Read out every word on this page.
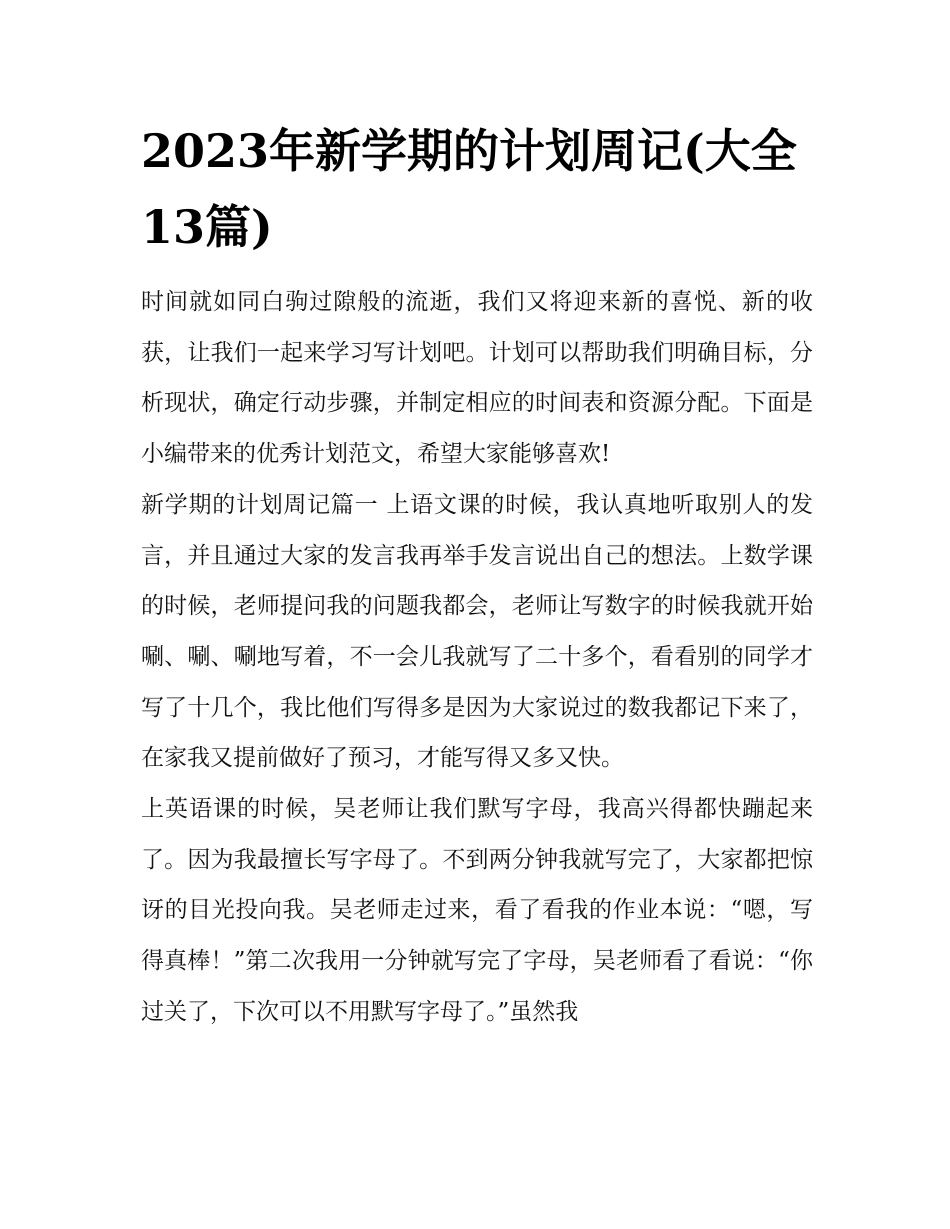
2023年新学期的计划周记(大全13篇)

时间就如同白驹过隙般的流逝，我们又将迎来新的喜悦、新的收获，让我们一起来学习写计划吧。计划可以帮助我们明确目标，分析现状，确定行动步骤，并制定相应的时间表和资源分配。下面是小编带来的优秀计划范文，希望大家能够喜欢!

新学期的计划周记篇一 上语文课的时候，我认真地听取别人的发言，并且通过大家的发言我再举手发言说出自己的想法。上数学课的时候，老师提问我的问题我都会，老师让写数字的时候我就开始唰、唰、唰地写着，不一会儿我就写了二十多个，看看别的同学才写了十几个，我比他们写得多是因为大家说过的数我都记下来了，在家我又提前做好了预习，才能写得又多又快。

上英语课的时候，吴老师让我们默写字母，我高兴得都快蹦起来了。因为我最擅长写字母了。不到两分钟我就写完了，大家都把惊讶的目光投向我。吴老师走过来，看了看我的作业本说：“嗯，写得真棒！”第二次我用一分钟就写完了字母，吴老师看了看说：“你过关了，下次可以不用默写字母了。”虽然我
